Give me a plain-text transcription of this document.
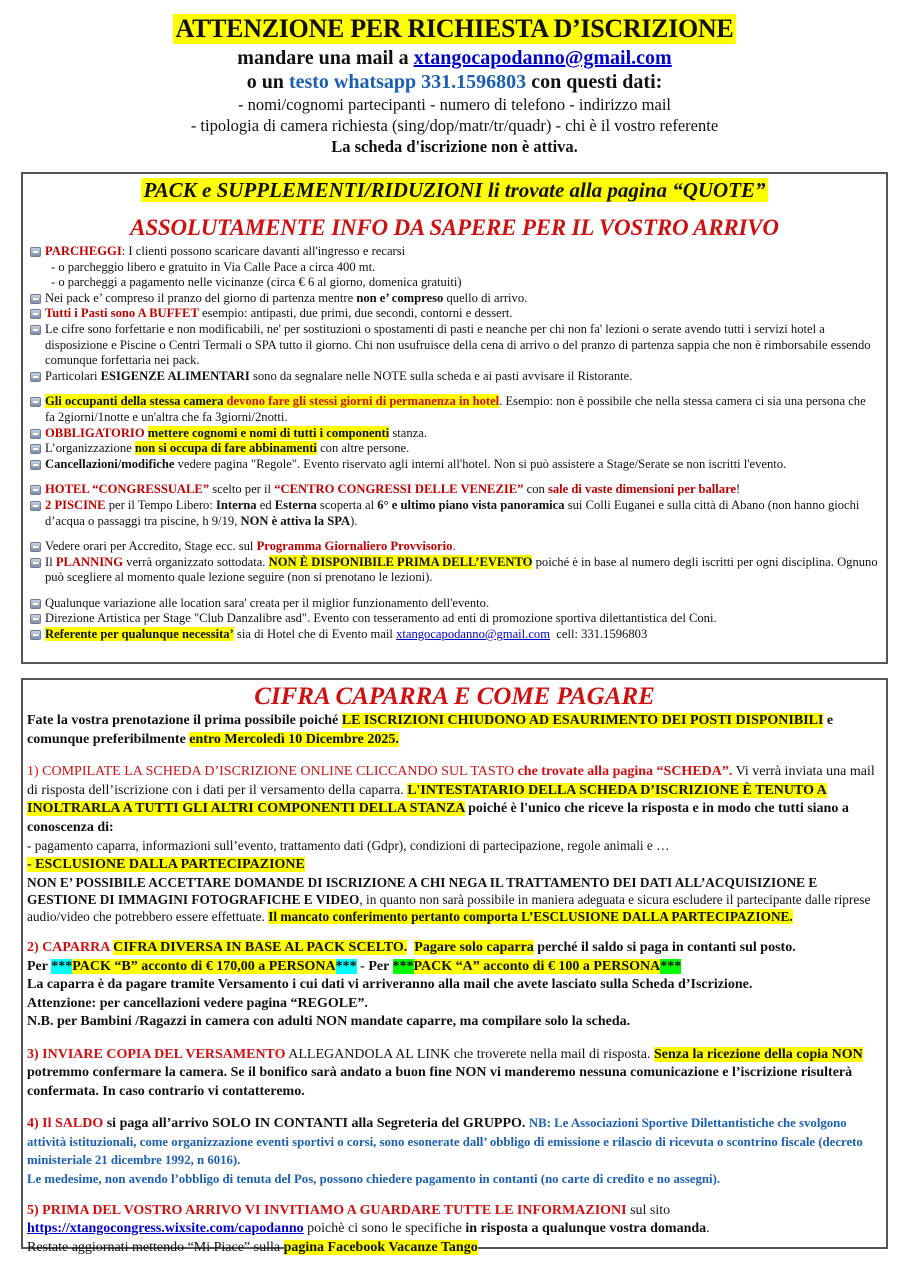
ATTENZIONE PER RICHIESTA D’ISCRIZIONE
mandare una mail a xtangocapodanno@gmail.com
o un testo whatsapp 331.1596803 con questi dati:
- nomi/cognomi partecipanti - numero di telefono - indirizzo mail
- tipologia di camera richiesta (sing/dop/matr/tr/quadr) - chi è il vostro referente
La scheda d'iscrizione non è attiva.
PACK e SUPPLEMENTI/RIDUZIONI li trovate alla pagina “QUOTE”
ASSOLUTAMENTE INFO DA SAPERE PER IL VOSTRO ARRIVO
PARCHEGGI: I clienti possono scaricare davanti all'ingresso e recarsi
- o parcheggio libero e gratuito in Via Calle Pace a circa 400 mt.
- o parcheggi a pagamento nelle vicinanze (circa € 6 al giorno, domenica gratuiti)
Nei pack e’ compreso il pranzo del giorno di partenza mentre non e’ compreso quello di arrivo.
Tutti i Pasti sono A BUFFET esempio: antipasti, due primi, due secondi, contorni e dessert.
Le cifre sono forfettarie e non modificabili, ne' per sostituzioni o spostamenti di pasti e neanche per chi non fa' lezioni o serate avendo tutti i servizi hotel a disposizione e Piscine o Centri Termali o SPA tutto il giorno. Chi non usufruisce della cena di arrivo o del pranzo di partenza sappia che non è rimborsabile essendo comunque forfettaria nei pack.
Particolari ESIGENZE ALIMENTARI sono da segnalare nelle NOTE sulla scheda e ai pasti avvisare il Ristorante.
Gli occupanti della stessa camera devono fare gli stessi giorni di permanenza in hotel. Esempio: non è possibile che nella stessa camera ci sia una persona che fa 2giorni/1notte e un'altra che fa 3giorni/2notti.
OBBLIGATORIO mettere cognomi e nomi di tutti i componenti stanza.
L’organizzazione non si occupa di fare abbinamenti con altre persone.
Cancellazioni/modifiche vedere pagina "Regole". Evento riservato agli interni all'hotel. Non si può assistere a Stage/Serate se non iscritti l'evento.
HOTEL “CONGRESSUALE” scelto per il “CENTRO CONGRESSI DELLE VENEZIE” con sale di vaste dimensioni per ballare!
2 PISCINE per il Tempo Libero: Interna ed Esterna scoperta al 6° e ultimo piano vista panoramica sui Colli Euganei e sulla città di Abano (non hanno giochi d’acqua o passaggi tra piscine, h 9/19, NON è attiva la SPA).
Vedere orari per Accredito, Stage ecc. sul Programma Giornaliero Provvisorio.
Il PLANNING verrà organizzato sottodata. NON È DISPONIBILE PRIMA DELL’EVENTO poiché è in base al numero degli iscritti per ogni disciplina. Ognuno può scegliere al momento quale lezione seguire (non si prenotano le lezioni).
Qualunque variazione alle location sara' creata per il miglior funzionamento dell'evento.
Direzione Artistica per Stage "Club Danzalibre asd". Evento con tesseramento ad enti di promozione sportiva dilettantistica del Coni.
Referente per qualunque necessita’ sia di Hotel che di Evento mail xtangocapodanno@gmail.com  cell: 331.1596803
CIFRA CAPARRA E COME PAGARE

Fate la vostra prenotazione il prima possibile poiché LE ISCRIZIONI CHIUDONO AD ESAURIMENTO DEI POSTI DISPONIBILI e comunque preferibilmente entro Mercoledì 10 Dicembre 2025.

1) COMPILATE LA SCHEDA D’ISCRIZIONE ONLINE CLICCANDO SUL TASTO che trovate alla pagina “SCHEDA”. Vi verrà inviata una mail di risposta dell’iscrizione con i dati per il versamento della caparra. L'INTESTATARIO DELLA SCHEDA D’ISCRIZIONE È TENUTO A INOLTRARLA A TUTTI GLI ALTRI COMPONENTI DELLA STANZA poiché è l'unico che riceve la risposta e in modo che tutti siano a conoscenza di:

- pagamento caparra, informazioni sull’evento, trattamento dati (Gdpr), condizioni di partecipazione, regole animali e …

- ESCLUSIONE DALLA PARTECIPAZIONE

NON E’ POSSIBILE ACCETTARE DOMANDE DI ISCRIZIONE A CHI NEGA IL TRATTAMENTO DEI DATI ALL’ACQUISIZIONE E GESTIONE DI IMMAGINI FOTOGRAFICHE E VIDEO, in quanto non sarà possibile in maniera adeguata e sicura escludere il partecipante dalle riprese audio/video che potrebbero essere effettuate. Il mancato conferimento pertanto comporta L’ESCLUSIONE DALLA PARTECIPAZIONE.

2) CAPARRA CIFRA DIVERSA IN BASE AL PACK SCELTO. Pagare solo caparra perché il saldo si paga in contanti sul posto.

Per ***PACK “B” acconto di € 170,00 a PERSONA*** - Per ***PACK “A” acconto di € 100 a PERSONA***

La caparra è da pagare tramite Versamento i cui dati vi arriveranno alla mail che avete lasciato sulla Scheda d’Iscrizione.

Attenzione: per cancellazioni vedere pagina “REGOLE”.

N.B. per Bambini /Ragazzi in camera con adulti NON mandate caparre, ma compilare solo la scheda.

3) INVIARE COPIA DEL VERSAMENTO ALLEGANDOLA AL LINK che troverete nella mail di risposta. Senza la ricezione della copia NON potremmo confermare la camera. Se il bonifico sarà andato a buon fine NON vi manderemo nessuna comunicazione e l’iscrizione risulterà confermata. In caso contrario vi contatteremo.

4) Il SALDO si paga all’arrivo SOLO IN CONTANTI alla Segreteria del GRUPPO. NB: Le Associazioni Sportive Dilettantistiche che svolgono attività istituzionali, come organizzazione eventi sportivi o corsi, sono esonerate dall’ obbligo di emissione e rilascio di ricevuta o scontrino fiscale (decreto ministeriale 21 dicembre 1992, n 6016).

Le medesime, non avendo l’obbligo di tenuta del Pos, possono chiedere pagamento in contanti (no carte di credito e no assegni).

5) PRIMA DEL VOSTRO ARRIVO VI INVITIAMO A GUARDARE TUTTE LE INFORMAZIONI sul sito

https://xtangocongress.wixsite.com/capodanno poichè ci sono le specifiche in risposta a qualunque vostra domanda.

Restate aggiornati mettendo “Mi Piace” sulla pagina Facebook Vacanze Tango
